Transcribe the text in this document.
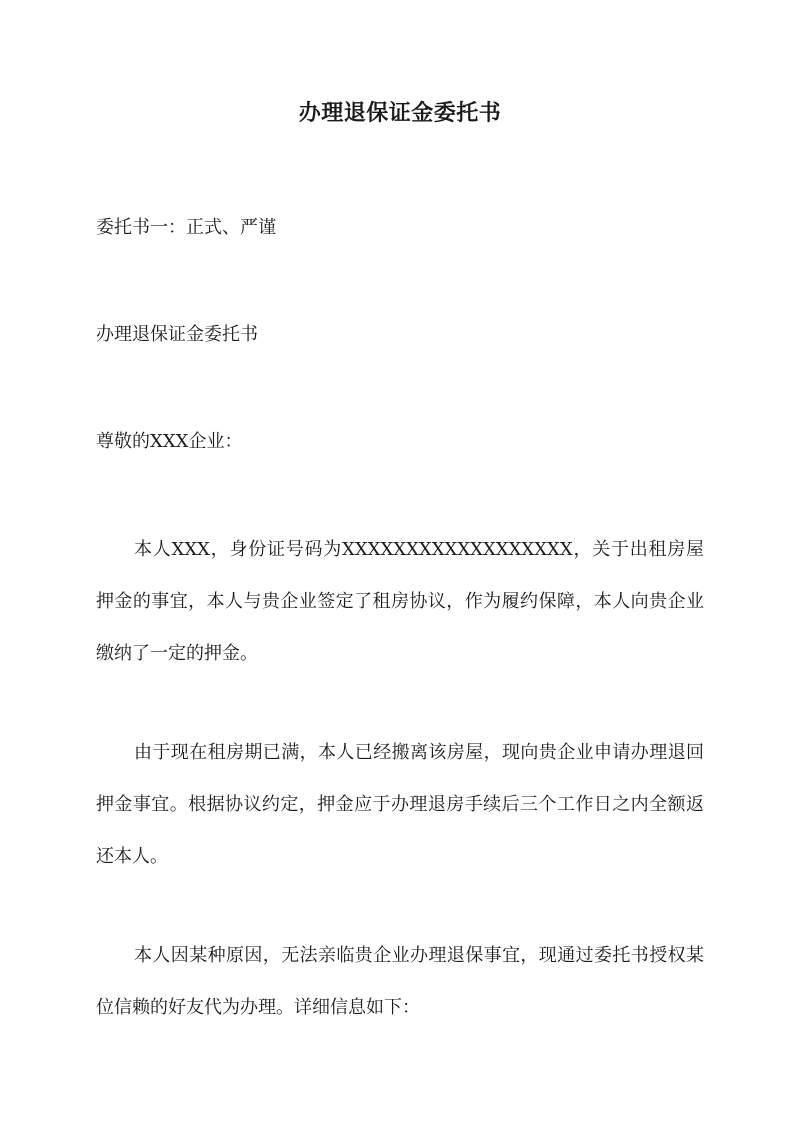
办理退保证金委托书

委托书一：正式、严谨

办理退保证金委托书

尊敬的XXX企业：

本人XXX，身份证号码为XXXXXXXXXXXXXXXXXX，关于出租房屋押金的事宜，本人与贵企业签定了租房协议，作为履约保障，本人向贵企业缴纳了一定的押金。

由于现在租房期已满，本人已经搬离该房屋，现向贵企业申请办理退回押金事宜。根据协议约定，押金应于办理退房手续后三个工作日之内全额返还本人。

本人因某种原因，无法亲临贵企业办理退保事宜，现通过委托书授权某位信赖的好友代为办理。详细信息如下：
